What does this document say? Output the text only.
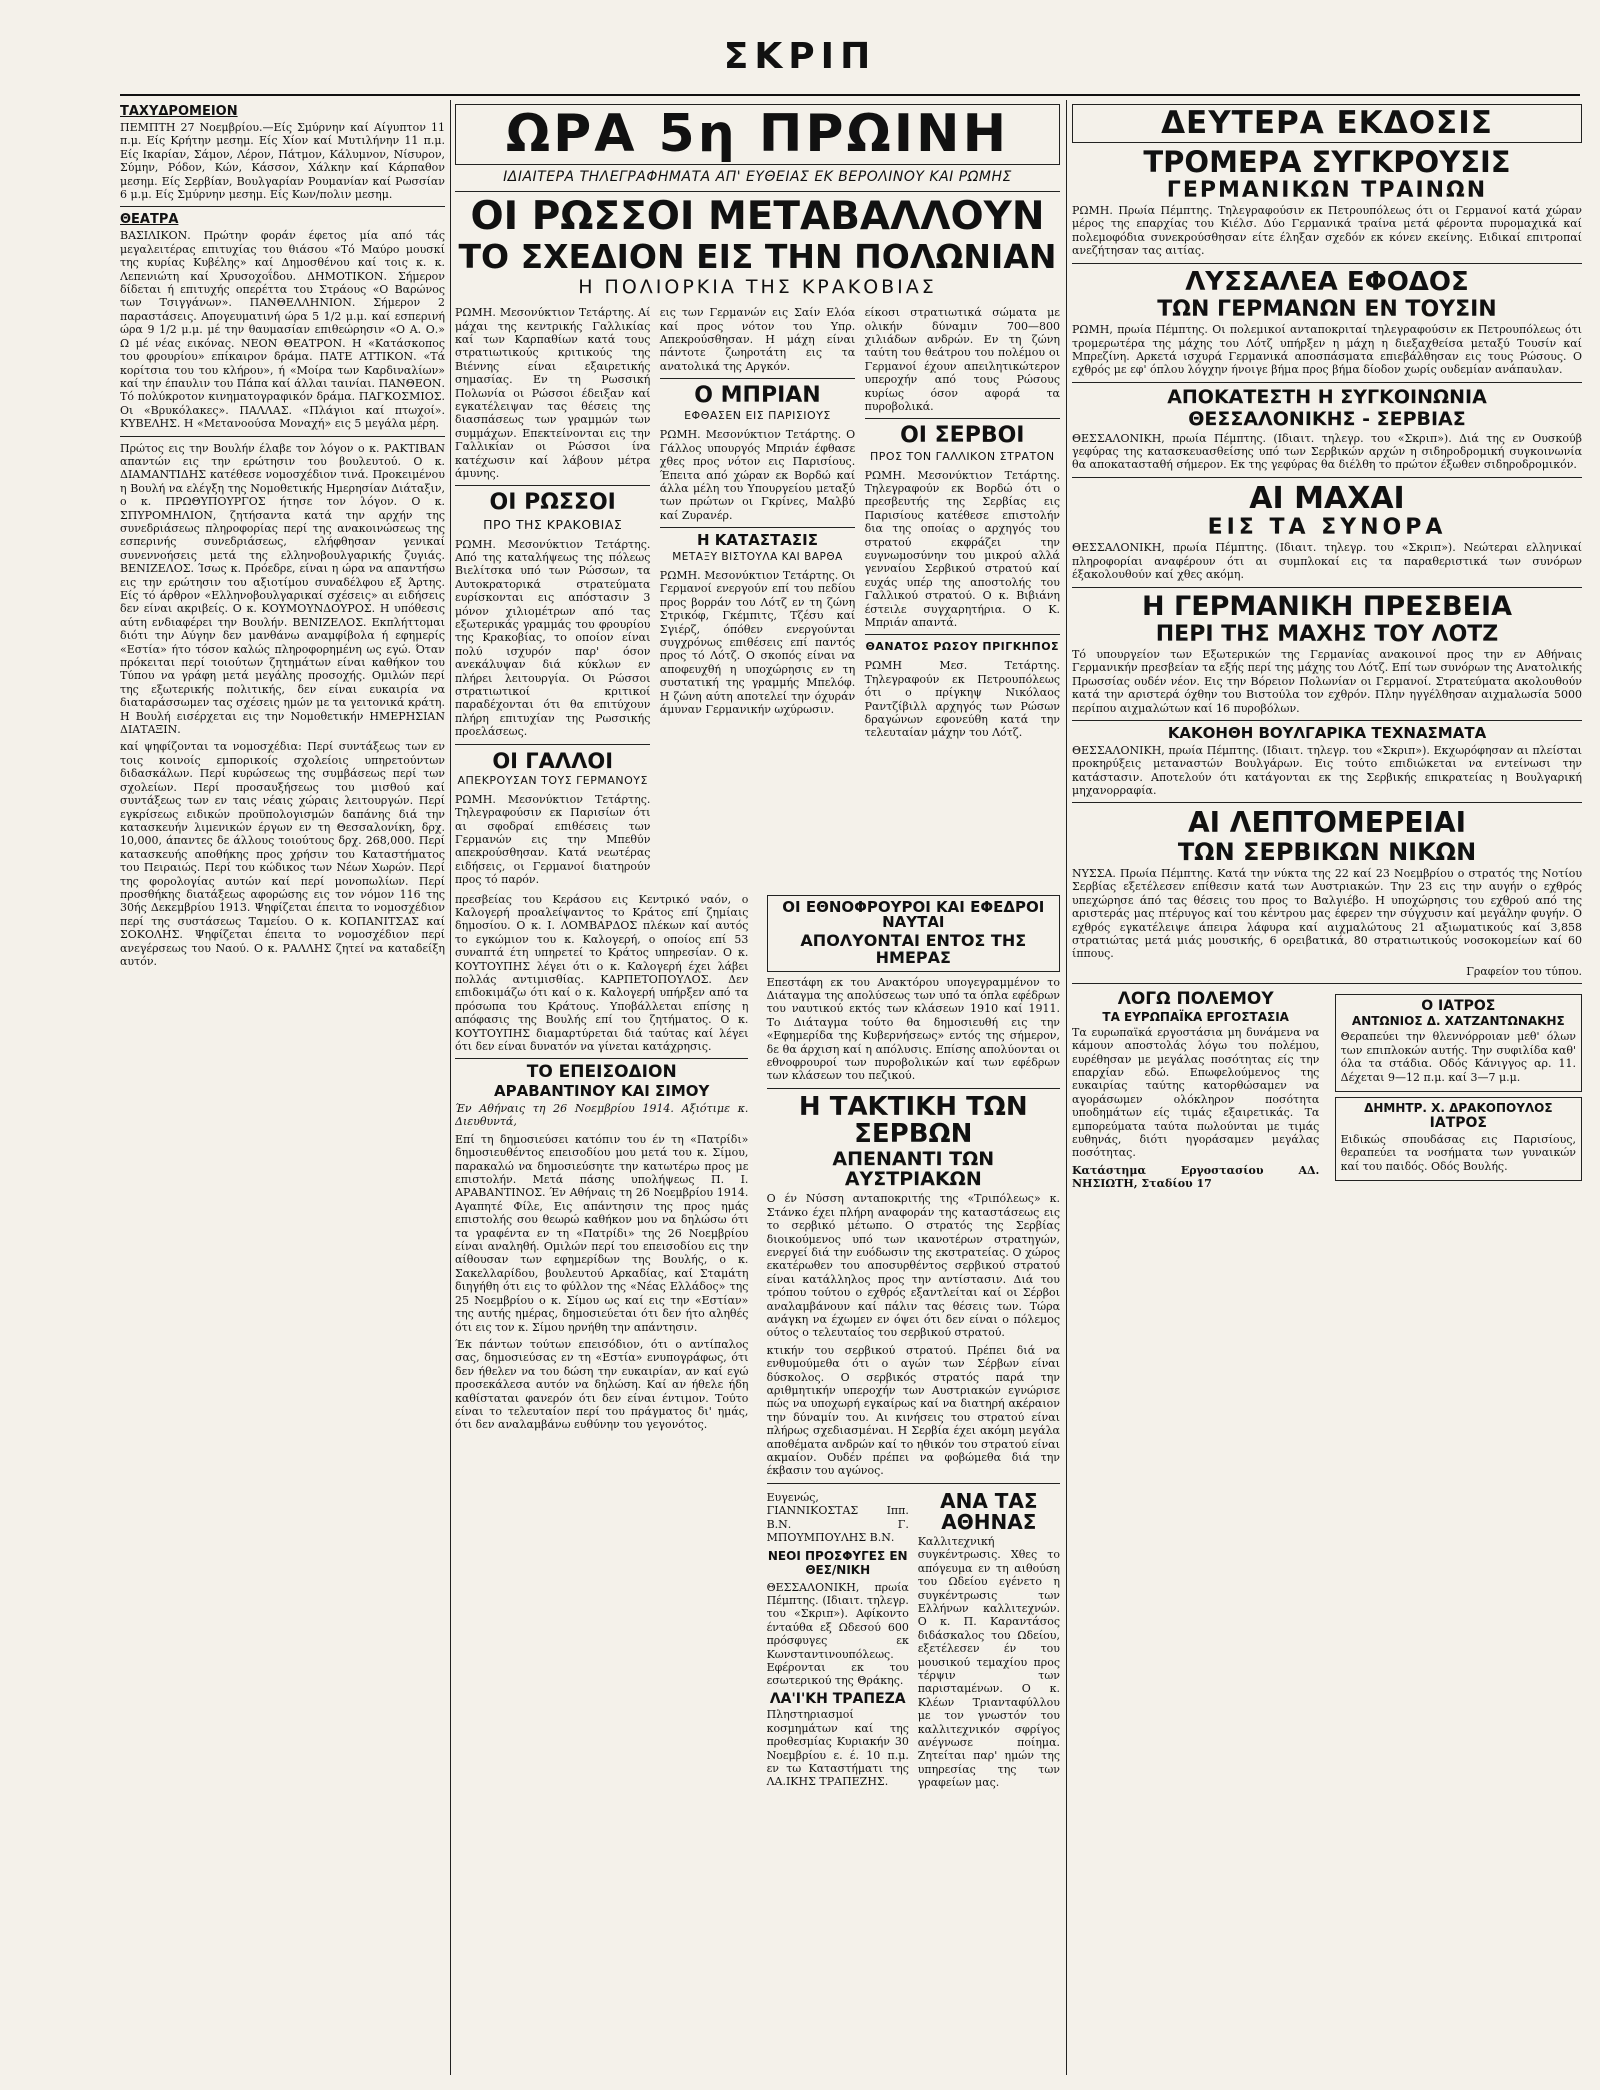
ΣΚΡΙΠ
ΤΑΧΥΔΡΟΜΕΙΟΝ
ΠΕΜΠΤΗ 27 Νοεμβρίου.—Είς Σμύρνην καί Αίγυπτον 11 π.μ. Είς Κρήτην μεσημ. Είς Χίον καί Μυτιλήνην 11 π.μ. Είς Ικαρίαν, Σάμον, Λέρον, Πάτμον, Κάλυμνον, Νίσυρον, Σύμην, Ρόδον, Κών, Κάσσον, Χάλκην καί Κάρπαθον μεσημ. Είς Σερβίαν, Βουλγαρίαν Ρουμανίαν καί Ρωσσίαν 6 μ.μ. Είς Σμύρνην μεσημ. Είς Κων/πολιν μεσημ.
ΘΕΑΤΡΑ
ΒΑΣΙΛΙΚΟΝ. Πρώτην φοράν έφετος μία από τάς μεγαλειτέρας επιτυχίας του θιάσου «Τό Μαύρο μουσκί της κυρίας Κυβέλης» καί Δημοσθένου καί τοις κ. κ. Λεπενιώτη καί Χρυσοχοΐδου. ΔΗΜΟΤΙΚΟΝ. Σήμερον δίδεται ή επιτυχής οπερέττα του Στράους «Ο Βαρώνος των Τσιγγάνων». ΠΑΝΘΕΛΛΗΝΙΟΝ. Σήμερον 2 παραστάσεις. Απογευματινή ώρα 5 1/2 μ.μ. καί εσπερινή ώρα 9 1/2 μ.μ. μέ την θαυμασίαν επιθεώρησιν «Ο Α. Ο.» Ω μέ νέας εικόνας. ΝΕΟΝ ΘΕΑΤΡΟΝ. Η «Κατάσκοπος του φρουρίου» επίκαιρον δράμα. ΠΑΤΕ ΑΤΤΙΚΟΝ. «Τά κορίτσια του του κλήρου», ή «Μοίρα των Καρδιναλίων» καί την έπαυλιν του Πάπα καί άλλαι ταινίαι. ΠΑΝΘΕΟΝ. Τό πολύκροτον κινηματογραφικόν δράμα. ΠΑΓΚΟΣΜΙΟΣ. Οι «Βρυκόλακες». ΠΑΛΛΑΣ. «Πλάγιοι καί πτωχοί». ΚΥΒΕΛΗΣ. Η «Μετανοούσα Μοναχή» εις 5 μεγάλα μέρη.
Πρώτος εις την Βουλήν έλαβε τον λόγον ο κ. ΡΑΚΤΙΒΑΝ απαντών εις την ερώτησιν του βουλευτού. Ο κ. ΔΙΑΜΑΝΤΙΔΗΣ κατέθεσε νομοσχέδιον τινά. Προκειμένου η Βουλή να ελέγξη της Νομοθετικής Ημερησίαν Διάταξιν, ο κ. ΠΡΩΘΥΠΟΥΡΓΟΣ ήτησε τον λόγον. Ο κ. ΣΠΥΡΟΜΗΛΙΟΝ, ζητήσαντα κατά την αρχήν της συνεδριάσεως πληροφορίας περί της ανακοινώσεως της εσπερινής συνεδριάσεως, ελήφθησαν γενικαί συνεννοήσεις μετά της ελληνοβουλγαρικής ζυγιάς. ΒΕΝΙΖΕΛΟΣ. Ίσως κ. Πρόεδρε, είναι η ώρα να απαντήσω εις την ερώτησιν του αξιοτίμου συναδέλφου εξ Άρτης. Είς τό άρθρον «Ελληνοβουλγαρικαί σχέσεις» αι ειδήσεις δεν είναι ακριβείς. Ο κ. ΚΟΥΜΟΥΝΔΟΥΡΟΣ. Η υπόθεσις αύτη ενδιαφέρει την Βουλήν. ΒΕΝΙΖΕΛΟΣ. Εκπλήττομαι διότι την Αύγην δεν μανθάνω αναμφίβολα ή εφημερίς «Εστία» ήτο τόσον καλώς πληροφορημένη ως εγώ. Όταν πρόκειται περί τοιούτων ζητημάτων είναι καθήκον του Τύπου να γράφη μετά μεγάλης προσοχής. Ομιλών περί της εξωτερικής πολιτικής, δεν είναι ευκαιρία να διαταράσσωμεν τας σχέσεις ημών με τα γειτονικά κράτη. Η Βουλή εισέρχεται εις την Νομοθετικήν ΗΜΕΡΗΣΙΑΝ ΔΙΑΤΑΞΙΝ.
καί ψηφίζονται τα νομοσχέδια: Περί συντάξεως των εν τοις κοινοίς εμπορικοίς σχολείοις υπηρετούντων διδασκάλων. Περί κυρώσεως της συμβάσεως περί των σχολείων. Περί προσαυξήσεως του μισθού καί συντάξεως των εν ταις νέαις χώραις λειτουργών. Περί εγκρίσεως ειδικών προϋπολογισμών δαπάνης διά την κατασκευήν λιμενικών έργων εν τη Θεσσαλονίκη, δρχ. 10,000, άπαντες δε άλλους τοιούτους δρχ. 268,000. Περί κατασκευής αποθήκης προς χρήσιν του Καταστήματος του Πειραιώς. Περί του κώδικος των Νέων Χωρών. Περί της φορολογίας αυτών καί περί μονοπωλίων. Περί προσθήκης διατάξεως αφορώσης εις τον νόμον 116 της 30ής Δεκεμβρίου 1913. Ψηφίζεται έπειτα το νομοσχέδιον περί της συστάσεως Ταμείου. Ο κ. ΚΟΠΑΝΙΤΣΑΣ καί ΣΟΚΟΛΗΣ. Ψηφίζεται έπειτα το νομοσχέδιον περί ανεγέρσεως του Ναού. Ο κ. ΡΑΛΛΗΣ ζητεί να καταδείξη αυτόν.
ΩΡΑ 5η ΠΡΩΙΝΗ
ΙΔΙΑΙΤΕΡΑ ΤΗΛΕΓΡΑΦΗΜΑΤΑ ΑΠ' ΕΥΘΕΙΑΣ ΕΚ ΒΕΡΟΛΙΝΟΥ ΚΑΙ ΡΩΜΗΣ
ΟΙ ΡΩΣΣΟΙ ΜΕΤΑΒΑΛΛΟΥΝ
ΤΟ ΣΧΕΔΙΟΝ ΕΙΣ ΤΗΝ ΠΟΛΩΝΙΑΝ
Η ΠΟΛΙΟΡΚΙΑ ΤΗΣ ΚΡΑΚΟΒΙΑΣ
ΡΩΜΗ. Μεσονύκτιον Τετάρτης. Αί μάχαι της κεντρικής Γαλλικίας καί των Καρπαθίων κατά τους στρατιωτικούς κριτικούς της Βιέννης είναι εξαιρετικής σημασίας. Εν τη Ρωσσική Πολωνία οι Ρώσσοι έδειξαν καί εγκατέλειψαν τας θέσεις της διασπάσεως των γραμμών των συμμάχων. Επεκτείνονται εις την Γαλλικίαν οι Ρώσσοι ίνα κατέχωσιν καί λάβουν μέτρα άμυνης.
ΟΙ ΡΩΣΣΟΙ
ΠΡΟ ΤΗΣ ΚΡΑΚΟΒΙΑΣ
ΡΩΜΗ. Μεσονύκτιον Τετάρτης. Από της καταλήψεως της πόλεως Βιελίτσκα υπό των Ρώσσων, τα Αυτοκρατορικά στρατεύματα ευρίσκονται εις απόστασιν 3 μόνον χιλιομέτρων από τας εξωτερικάς γραμμάς του φρουρίου της Κρακοβίας, το οποίον είναι πολύ ισχυρόν παρ' όσον ανεκάλυψαν διά κύκλων εν πλήρει λειτουργία. Οι Ρώσσοι στρατιωτικοί κριτικοί παραδέχονται ότι θα επιτύχουν πλήρη επιτυχίαν της Ρωσσικής προελάσεως.
ΟΙ ΓΑΛΛΟΙ
ΑΠΕΚΡΟΥΣΑΝ ΤΟΥΣ ΓΕΡΜΑΝΟΥΣ
ΡΩΜΗ. Μεσονύκτιον Τετάρτης. Τηλεγραφούσιν εκ Παρισίων ότι αι σφοδραί επιθέσεις των Γερμανών εις την Μπεθύν απεκρούσθησαν. Κατά νεωτέρας ειδήσεις, οι Γερμανοί διατηρούν προς τό παρόν.
εις των Γερμανών εις Σαίν Ελόα καί προς νότον του Υπρ. Απεκρούσθησαν. Η μάχη είναι πάντοτε ζωηροτάτη εις τα ανατολικά της Αργκόν.
Ο ΜΠΡΙΑΝ
ΕΦΘΑΣΕΝ ΕΙΣ ΠΑΡΙΣΙΟΥΣ
ΡΩΜΗ. Μεσονύκτιον Τετάρτης. Ο Γάλλος υπουργός Μπριάν έφθασε χθες προς νότον εις Παρισίους. Έπειτα από χώραν εκ Βορδώ καί άλλα μέλη του Υπουργείου μεταξύ των πρώτων οι Γκρίνες, Μαλβύ καί Ζυρανέρ.
Η ΚΑΤΑΣΤΑΣΙΣ
ΜΕΤΑΞΥ ΒΙΣΤΟΥΛΑ ΚΑΙ ΒΑΡΘΑ
ΡΩΜΗ. Μεσονύκτιον Τετάρτης. Οι Γερμανοί ενεργούν επί του πεδίου προς βορράν του Λότζ εν τη ζώνη Στρικόφ, Γκέμπιτς, Τζέσυ καί Σγιέρζ, όπόθεν ενεργούνται συγχρόνως επιθέσεις επί παντός προς τό Λότζ. Ο σκοπός είναι να αποφευχθή η υποχώρησις εν τη συστατική της γραμμής Μπελόφ. Η ζώνη αύτη αποτελεί την όχυράν άμυναν Γερμανικήν ωχύρωσιν.
είκοσι στρατιωτικά σώματα με ολικήν δύναμιν 700—800 χιλιάδων ανδρών. Εν τη ζώνη ταύτη του θεάτρου του πολέμου οι Γερμανοί έχουν απειλητικώτερον υπεροχήν από τους Ρώσους κυρίως όσον αφορά τα πυροβολικά.
ΟΙ ΣΕΡΒΟΙ
ΠΡΟΣ ΤΟΝ ΓΑΛΛΙΚΟΝ ΣΤΡΑΤΟΝ
ΡΩΜΗ. Μεσονύκτιον Τετάρτης. Τηλεγραφούν εκ Βορδώ ότι ο πρεσβευτής της Σερβίας εις Παρισίους κατέθεσε επιστολήν δια της οποίας ο αρχηγός του στρατού εκφράζει την ευγνωμοσύνην του μικρού αλλά γενναίου Σερβικού στρατού καί ευχάς υπέρ της αποστολής του Γαλλικού στρατού. Ο κ. Βιβιάνη έστειλε συγχαρητήρια. Ο Κ. Μπριάν απαντά.
ΘΑΝΑΤΟΣ ΡΩΣΟΥ ΠΡΙΓΚΗΠΟΣ
ΡΩΜΗ Μεσ. Τετάρτης. Τηλεγραφούν εκ Πετρουπόλεως ότι ο πρίγκηψ Νικόλαος Ραντζίβιλλ αρχηγός των Ρώσων δραγώνων εφονεύθη κατά την τελευταίαν μάχην του Λότζ.
πρεσβείας του Κεράσου εις Κεντρικό ναόν, ο Καλογερή προαλείψαντος το Κράτος επί ζημίαις δημοσίου. Ο κ. Ι. ΛΟΜΒΑΡΔΟΣ πλέκων καί αυτός το εγκώμιον του κ. Καλογερή, ο οποίος επί 53 συναπτά έτη υπηρετεί το Κράτος υπηρεσίαν. Ο κ. ΚΟΥΤΟΥΠΗΣ λέγει ότι ο κ. Καλογερή έχει λάβει πολλάς αντιμισθίας. ΚΑΡΠΕΤΟΠΟΥΛΟΣ. Δεν επιδοκιμάζω ότι καί ο κ. Καλογερή υπήρξεν από τα πρόσωπα του Κράτους. Υποβάλλεται επίσης η απόφασις της Βουλής επί του ζητήματος. Ο κ. ΚΟΥΤΟΥΠΗΣ διαμαρτύρεται διά ταύτας καί λέγει ότι δεν είναι δυνατόν να γίνεται κατάχρησις.
ΤΟ ΕΠΕΙΣΟΔΙΟΝ
ΑΡΑΒΑΝΤΙΝΟΥ ΚΑΙ ΣΙΜΟΥ
Έν Αθήναις τη 26 Νοεμβρίου 1914. Αξιότιμε κ. Διευθυντά,
Επί τη δημοσιεύσει κατόπιν του έν τη «Πατρίδι» δημοσιευθέντος επεισοδίου μου μετά του κ. Σίμου, παρακαλώ να δημοσιεύσητε την κατωτέρω προς με επιστολήν. Μετά πάσης υπολήψεως Π. Ι. ΑΡΑΒΑΝΤΙΝΟΣ. Έν Αθήναις τη 26 Νοεμβρίου 1914. Αγαπητέ Φίλε, Εις απάντησιν της προς ημάς επιστολής σου θεωρώ καθήκον μου να δηλώσω ότι τα γραφέντα εν τη «Πατρίδι» της 26 Νοεμβρίου είναι αναληθή. Ομιλών περί του επεισοδίου εις την αίθουσαν των εφημερίδων της Βουλής, ο κ. Σακελλαρίδου, βουλευτού Αρκαδίας, καί Σταμάτη διηγήθη ότι εις το φύλλον της «Νέας Ελλάδος» της 25 Νοεμβρίου ο κ. Σίμου ως καί εις την «Εστίαν» της αυτής ημέρας, δημοσιεύεται ότι δεν ήτο αληθές ότι εις τον κ. Σίμου ηρνήθη την απάντησιν.
Έκ πάντων τούτων επεισόδιον, ότι ο αντίπαλος σας, δημοσιεύσας εν τη «Εστία» ενυπογράφως, ότι δεν ήθελεν να του δώση την ευκαιρίαν, αν καί εγώ προσεκάλεσα αυτόν να δηλώση. Καί αν ήθελε ήδη καθίσταται φανερόν ότι δεν είναι έντιμον. Τούτο είναι το τελευταίον περί του πράγματος δι' ημάς, ότι δεν αναλαμβάνω ευθύνην του γεγονότος.
ΟΙ ΕΘΝΟΦΡΟΥΡΟΙ ΚΑΙ ΕΦΕΔΡΟΙ ΝΑΥΤΑΙ
ΑΠΟΛΥΟΝΤΑΙ ΕΝΤΟΣ ΤΗΣ ΗΜΕΡΑΣ
Επεστάφη εκ του Ανακτόρου υπογεγραμμένον το Διάταγμα της απολύσεως των υπό τα όπλα εφέδρων του ναυτικού εκτός των κλάσεων 1910 καί 1911. Το Διάταγμα τούτο θα δημοσιευθή εις την «Εφημερίδα της Κυβερνήσεως» εντός της σήμερον, δε θα άρχιση καί η απόλυσις. Επίσης απολύονται οι εθνοφρουροί των πυροβολικών καί των εφέδρων των κλάσεων του πεζικού.
Η ΤΑΚΤΙΚΗ ΤΩΝ ΣΕΡΒΩΝ
ΑΠΕΝΑΝΤΙ ΤΩΝ ΑΥΣΤΡΙΑΚΩΝ
Ο έν Νύσση ανταποκριτής της «Τριπόλεως» κ. Στάνκο έχει πλήρη αναφοράν της καταστάσεως εις το σερβικό μέτωπο. Ο στρατός της Σερβίας διοικούμενος υπό των ικανοτέρων στρατηγών, ενεργεί διά την ευόδωσιν της εκστρατείας. Ο χώρος εκατέρωθεν του αποσυρθέντος σερβικού στρατού είναι κατάλληλος προς την αντίστασιν. Διά του τρόπου τούτου ο εχθρός εξαντλείται καί οι Σέρβοι αναλαμβάνουν καί πάλιν τας θέσεις των. Τώρα ανάγκη να έχωμεν εν όψει ότι δεν είναι ο πόλεμος ούτος ο τελευταίος του σερβικού στρατού.
κτικήν του σερβικού στρατού. Πρέπει διά να ενθυμούμεθα ότι ο αγών των Σέρβων είναι δύσκολος. Ο σερβικός στρατός παρά την αριθμητικήν υπεροχήν των Αυστριακών εγνώρισε πώς να υποχωρή εγκαίρως καί να διατηρή ακέραιον την δύναμίν του. Αι κινήσεις του στρατού είναι πλήρως σχεδιασμέναι. Η Σερβία έχει ακόμη μεγάλα αποθέματα ανδρών καί το ηθικόν του στρατού είναι ακμαίον. Ουδέν πρέπει να φοβώμεθα διά την έκβασιν του αγώνος.
Ευγενώς, ΓΙΑΝΝΙΚΟΣΤΑΣ Ιππ. Β.Ν. Γ. ΜΠΟΥΜΠΟΥΛΗΣ Β.Ν.
ΝΕΟΙ ΠΡΟΣΦΥΓΕΣ ΕΝ ΘΕΣ/ΝΙΚΗ
ΘΕΣΣΑΛΟΝΙΚΗ, πρωία Πέμπτης. (Ιδιαιτ. τηλεγρ. του «Σκριπ»). Αφίκοντο ένταύθα εξ Ωδεσού 600 πρόσφυγες εκ Κωνσταντινουπόλεως. Εφέρονται εκ του εσωτερικού της Θράκης.
ΛΑ'Ι'ΚΗ ΤΡΑΠΕΖΑ
Πληστηριασμοί κοσμημάτων καί της προθεσμίας Κυριακήν 30 Νοεμβρίου ε. έ. 10 π.μ. εν τω Καταστήματι της ΛΑ.ΙΚΗΣ ΤΡΑΠΕΖΗΣ.
ΑΝΑ ΤΑΣ ΑΘΗΝΑΣ
Καλλιτεχνική συγκέντρωσις. Χθες το απόγευμα εν τη αιθούση του Ωδείου εγένετο η συγκέντρωσις των Ελλήνων καλλιτεχνών. Ο κ. Π. Καραντάσος διδάσκαλος του Ωδείου, εξετέλεσεν έν του μουσικού τεμαχίου προς τέρψιν των παρισταμένων. Ο κ. Κλέων Τριανταφύλλου με τον γνωστόν του καλλιτεχνικόν σφρίγος ανέγνωσε ποίημα. Ζητείται παρ' ημών της υπηρεσίας της των γραφείων μας.
ΔΕΥΤΕΡΑ ΕΚΔΟΣΙΣ
ΤΡΟΜΕΡΑ ΣΥΓΚΡΟΥΣΙΣ
ΓΕΡΜΑΝΙΚΩΝ ΤΡΑΙΝΩΝ
ΡΩΜΗ. Πρωία Πέμπτης. Τηλεγραφούσιν εκ Πετρουπόλεως ότι οι Γερμανοί κατά χώραν μέρος της επαρχίας του Κιέλσ. Δύο Γερμανικά τραίνα μετά φέροντα πυρομαχικά καί πολεμοφόδια συνεκρούσθησαν είτε έληξαν σχεδόν εκ κόνεν εκείνης. Ειδικαί επιτροπαί ανεζήτησαν τας αιτίας.
ΛΥΣΣΑΛΕΑ ΕΦΟΔΟΣ
ΤΩΝ ΓΕΡΜΑΝΩΝ ΕΝ ΤΟΥΣΙΝ
ΡΩΜΗ, πρωία Πέμπτης. Οι πολεμικοί ανταποκριταί τηλεγραφούσιν εκ Πετρουπόλεως ότι τρομερωτέρα της μάχης του Λότζ υπήρξεν η μάχη η διεξαχθείσα μεταξύ Τουσίν καί Μπρεζίνη. Αρκετά ισχυρά Γερμανικά αποσπάσματα επιεβάλθησαν εις τους Ρώσους. Ο εχθρός με εφ' όπλου λόγχην ήνοιγε βήμα προς βήμα δίοδον χωρίς ουδεμίαν ανάπαυλαν.
ΑΠΟΚΑΤΕΣΤΗ Η ΣΥΓΚΟΙΝΩΝΙΑ
ΘΕΣΣΑΛΟΝΙΚΗΣ - ΣΕΡΒΙΑΣ
ΘΕΣΣΑΛΟΝΙΚΗ, πρωία Πέμπτης. (Ιδιαιτ. τηλεγρ. του «Σκριπ»). Διά της εν Ουσκούβ γεφύρας της κατασκευασθείσης υπό των Σερβικών αρχών η σιδηροδρομική συγκοινωνία θα αποκατασταθή σήμερον. Εκ της γεφύρας θα διέλθη το πρώτον έξωθεν σιδηροδρομικόν.
ΑΙ ΜΑΧΑΙ
ΕΙΣ ΤΑ ΣΥΝΟΡΑ
ΘΕΣΣΑΛΟΝΙΚΗ, πρωία Πέμπτης. (Ιδιαιτ. τηλεγρ. του «Σκριπ»). Νεώτεραι ελληνικαί πληροφορίαι αναφέρουν ότι αι συμπλοκαί εις τα παραθεριστικά των συνόρων έξακολουθούν καί χθες ακόμη.
Η ΓΕΡΜΑΝΙΚΗ ΠΡΕΣΒΕΙΑ
ΠΕΡΙ ΤΗΣ ΜΑΧΗΣ ΤΟΥ ΛΟΤΖ
Τό υπουργείον των Εξωτερικών της Γερμανίας ανακοινοί προς την εν Αθήναις Γερμανικήν πρεσβείαν τα εξής περί της μάχης του Λότζ. Επί των συνόρων της Ανατολικής Πρωσσίας ουδέν νέον. Εις την Βόρειον Πολωνίαν οι Γερμανοί. Στρατεύματα ακολουθούν κατά την αριστερά όχθην του Βιστούλα τον εχθρόν. Πλην ηγγέλθησαν αιχμαλωσία 5000 περίπου αιχμαλώτων καί 16 πυροβόλων.
ΚΑΚΟΗΘΗ ΒΟΥΛΓΑΡΙΚΑ ΤΕΧΝΑΣΜΑΤΑ
ΘΕΣΣΑΛΟΝΙΚΗ, πρωία Πέμπτης. (Ιδιαιτ. τηλεγρ. του «Σκριπ»). Εκχωρόφησαν αι πλείσται προκηρύξεις μεταναστών Βουλγάρων. Εις τούτο επιδιώκεται να εντείνωσι την κατάστασιν. Αποτελούν ότι κατάγονται εκ της Σερβικής επικρατείας η Βουλγαρική μηχανορραφία.
ΑΙ ΛΕΠΤΟΜΕΡΕΙΑΙ
ΤΩΝ ΣΕΡΒΙΚΩΝ ΝΙΚΩΝ
ΝΥΣΣΑ. Πρωία Πέμπτης. Κατά την νύκτα της 22 καί 23 Νοεμβρίου ο στρατός της Νοτίου Σερβίας εξετέλεσεν επίθεσιν κατά των Αυστριακών. Την 23 εις την αυγήν ο εχθρός υπεχώρησε άπό τας θέσεις του προς το Βαλγιέβο. Η υποχώρησις του εχθρού από της αριστεράς μας πτέρυγος καί του κέντρου μας έφερεν την σύγχυσιν καί μεγάλην φυγήν. Ο εχθρός εγκατέλειψε άπειρα λάφυρα καί αιχμαλώτους 21 αξιωματικούς καί 3,858 στρατιώτας μετά μιάς μουσικής, 6 ορειβατικά, 80 στρατιωτικούς νοσοκομείων καί 60 ίππους.
Γραφείον του τύπου.
ΛΟΓΩ ΠΟΛΕΜΟΥ
ΤΑ ΕΥΡΩΠΑΪΚΑ ΕΡΓΟΣΤΑΣΙΑ
Τα ευρωπαϊκά εργοστάσια μη δυνάμενα να κάμουν αποστολάς λόγω του πολέμου, ευρέθησαν με μεγάλας ποσότητας είς την επαρχίαν εδώ. Επωφελούμενος της ευκαιρίας ταύτης κατορθώσαμεν να αγοράσωμεν ολόκληρον ποσότητα υποδημάτων είς τιμάς εξαιρετικάς. Τα εμπορεύματα ταύτα πωλούνται με τιμάς ευθηνάς, διότι ηγοράσαμεν μεγάλας ποσότητας.
Κατάστημα Εργοστασίου ΑΔ. ΝΗΣΙΩΤΗ, Σταδίου 17
Ο ΙΑΤΡΟΣ
ΑΝΤΩΝΙΟΣ Δ. ΧΑΤΖΑΝΤΩΝΑΚΗΣ
Θεραπεύει την θλεννόρροιαν μεθ' όλων των επιπλοκών αυτής. Την συφιλίδα καθ' όλα τα στάδια. Οδός Κάνιγγος αρ. 11. Δέχεται 9—12 π.μ. καί 3—7 μ.μ.
ΔΗΜΗΤΡ. Χ. ΔΡΑΚΟΠΟΥΛΟΣ
ΙΑΤΡΟΣ
Ειδικώς σπουδάσας εις Παρισίους, θεραπεύει τα νοσήματα των γυναικών καί του παιδός. Οδός Βουλής.
